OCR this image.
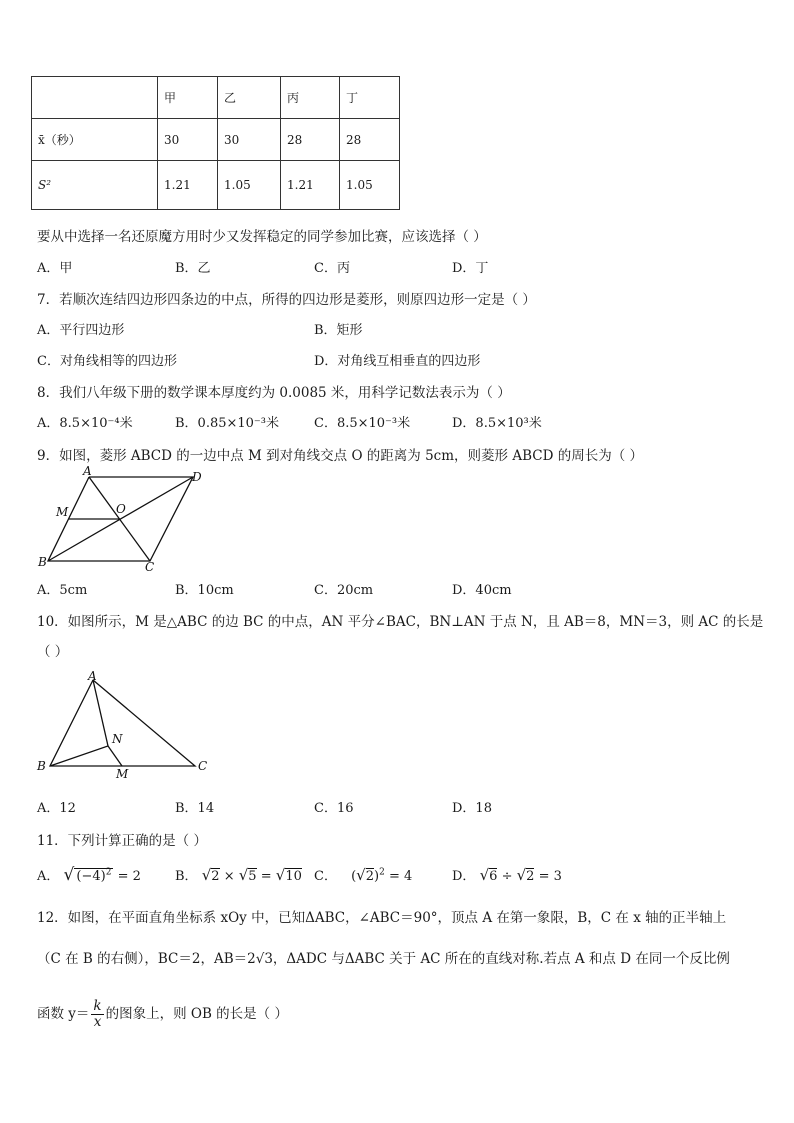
	甲	乙	丙	丁
x̄（秒）	30	30	28	28
S²	1.21	1.05	1.21	1.05
要从中选择一名还原魔方用时少又发挥稳定的同学参加比赛，应该选择（ ）
A．甲	B．乙	C．丙	D．丁
7．若顺次连结四边形四条边的中点，所得的四边形是菱形，则原四边形一定是（ ）
A．平行四边形	B．矩形
C．对角线相等的四边形	D．对角线互相垂直的四边形
8．我们八年级下册的数学课本厚度约为 0.0085 米，用科学记数法表示为（ ）
A．8.5×10⁻⁴米	B．0.85×10⁻³米	C．8.5×10⁻³米	D．8.5×10³米
9．如图，菱形 ABCD 的一边中点 M 到对角线交点 O 的距离为 5cm，则菱形 ABCD 的周长为（ ）
A	D
M	O
B	C
A．5cm	B．10cm	C．20cm	D．40cm
10．如图所示，M 是△ABC 的边 BC 的中点，AN 平分∠BAC，BN⊥AN 于点 N，且 AB＝8，MN＝3，则 AC 的长是
（ ）
A
N
B
M
C
A．12	B．14	C．16	D．18
11．下列计算正确的是（ ）
A． √ $(-4)^2 = 2$	B． √2 × √5 = √10 C． $(√2)^2 = 4$	D． √6 ÷ √2 = 3
12．如图，在平面直角坐标系 xOy 中，已知ΔABC，∠ABC＝90°，顶点 A 在第一象限，B，C 在 x 轴的正半轴上
（C 在 B 的右侧），BC＝2，AB＝2√3，ΔADC 与ΔABC 关于 AC 所在的直线对称.若点 A 和点 D 在同一个反比例
函数 $y= \frac{k}{x}$ 的图象上，则 OB 的长是（ ）
